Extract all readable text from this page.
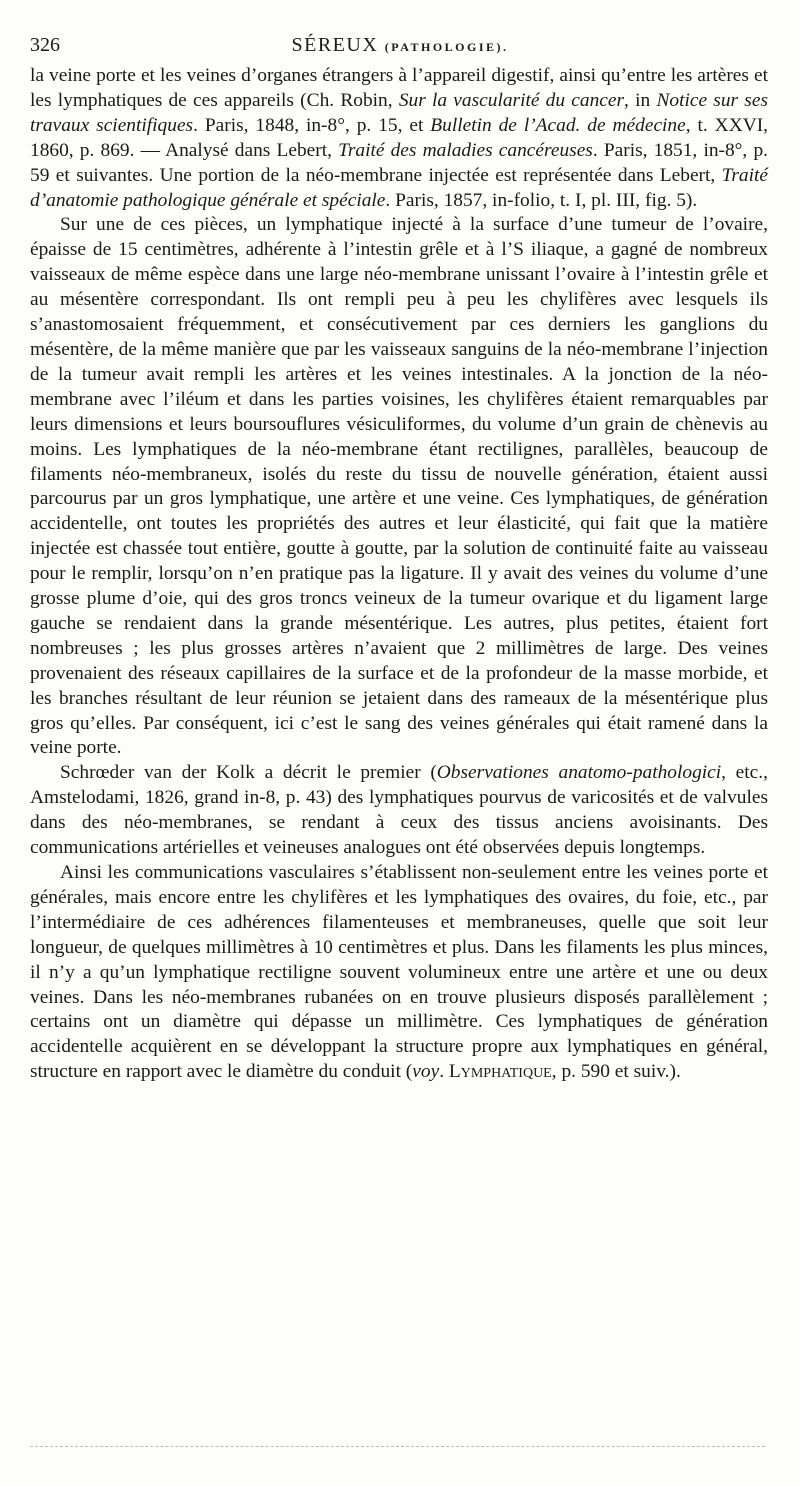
326	SÉREUX (PATHOLOGIE).

la veine porte et les veines d’organes étrangers à l’appareil digestif, ainsi qu’entre les artères et les lymphatiques de ces appareils (Ch. Robin, Sur la vascularité du cancer, in Notice sur ses travaux scientifiques. Paris, 1848, in-8°, p. 15, et Bulletin de l’Acad. de médecine, t. XXVI, 1860, p. 869. — Analysé dans Lebert, Traité des maladies cancéreuses. Paris, 1851, in-8°, p. 59 et suivantes. Une portion de la néo-membrane injectée est représentée dans Lebert, Traité d’anatomie pathologique générale et spéciale. Paris, 1857, in-folio, t. I, pl. III, fig. 5).

Sur une de ces pièces, un lymphatique injecté à la surface d’une tumeur de l’ovaire, épaisse de 15 centimètres, adhérente à l’intestin grêle et à l’S iliaque, a gagné de nombreux vaisseaux de même espèce dans une large néo-membrane unissant l’ovaire à l’intestin grêle et au mésentère correspondant. Ils ont rempli peu à peu les chylifères avec lesquels ils s’anastomosaient fréquemment, et consécutivement par ces derniers les ganglions du mésentère, de la même manière que par les vaisseaux sanguins de la néo-membrane l’injection de la tumeur avait rempli les artères et les veines intestinales. A la jonction de la néo-membrane avec l’iléum et dans les parties voisines, les chylifères étaient remarquables par leurs dimensions et leurs boursouflures vésiculiformes, du volume d’un grain de chènevis au moins. Les lymphatiques de la néo-membrane étant rectilignes, parallèles, beaucoup de filaments néo-membraneux, isolés du reste du tissu de nouvelle génération, étaient aussi parcourus par un gros lymphatique, une artère et une veine. Ces lymphatiques, de génération accidentelle, ont toutes les propriétés des autres et leur élasticité, qui fait que la matière injectée est chassée tout entière, goutte à goutte, par la solution de continuité faite au vaisseau pour le remplir, lorsqu’on n’en pratique pas la ligature. Il y avait des veines du volume d’une grosse plume d’oie, qui des gros troncs veineux de la tumeur ovarique et du ligament large gauche se rendaient dans la grande mésentérique. Les autres, plus petites, étaient fort nombreuses ; les plus grosses artères n’avaient que 2 millimètres de large. Des veines provenaient des réseaux capillaires de la surface et de la profondeur de la masse morbide, et les branches résultant de leur réunion se jetaient dans des rameaux de la mésentérique plus gros qu’elles. Par conséquent, ici c’est le sang des veines générales qui était ramené dans la veine porte.

Schrœder van der Kolk a décrit le premier (Observationes anatomo-pathologici, etc., Amstelodami, 1826, grand in-8, p. 43) des lymphatiques pourvus de varicosités et de valvules dans des néo-membranes, se rendant à ceux des tissus anciens avoisinants. Des communications artérielles et veineuses analogues ont été observées depuis longtemps.

Ainsi les communications vasculaires s’établissent non-seulement entre les veines porte et générales, mais encore entre les chylifères et les lymphatiques des ovaires, du foie, etc., par l’intermédiaire de ces adhérences filamenteuses et membraneuses, quelle que soit leur longueur, de quelques millimètres à 10 centimètres et plus. Dans les filaments les plus minces, il n’y a qu’un lymphatique rectiligne souvent volumineux entre une artère et une ou deux veines. Dans les néo-membranes rubanées on en trouve plusieurs disposés parallèlement ; certains ont un diamètre qui dépasse un millimètre. Ces lymphatiques de génération accidentelle acquièrent en se développant la structure propre aux lymphatiques en général, structure en rapport avec le diamètre du conduit (voy. Lymphatique, p. 590 et suiv.).
